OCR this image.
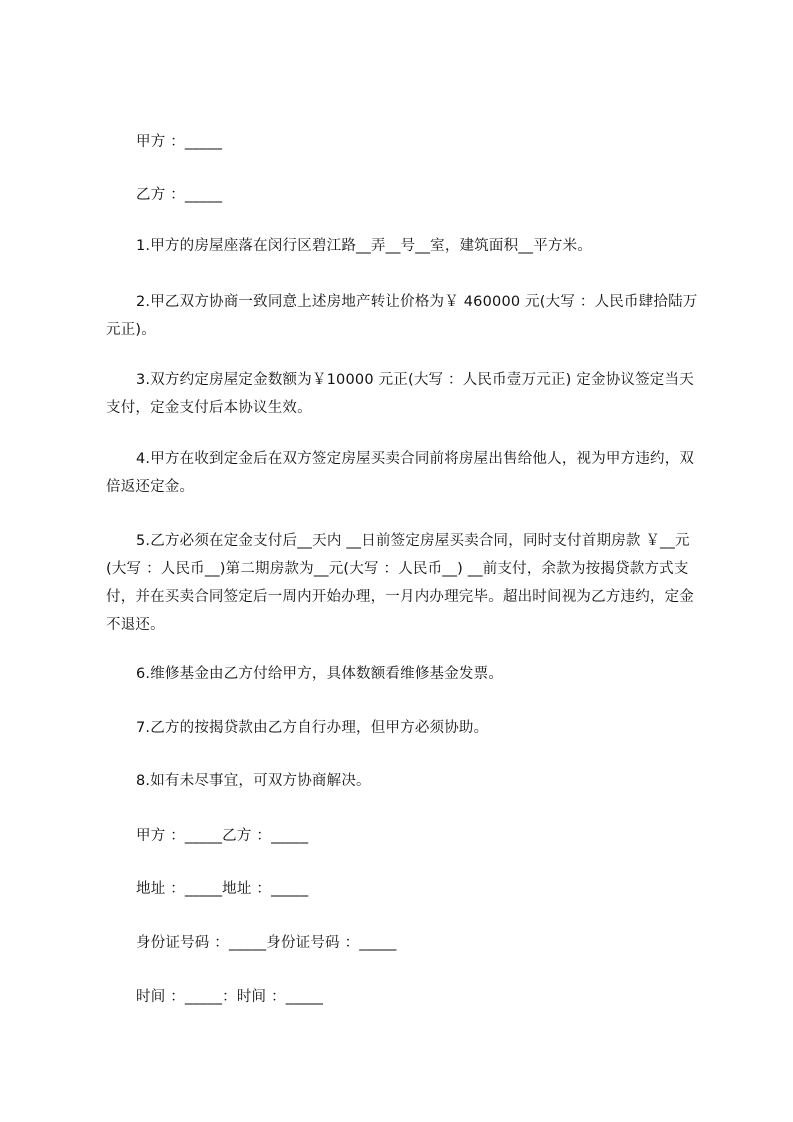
甲方 ：_____
乙方 ：_____
1.甲方的房屋座落在闵行区碧江路__弄__号__室，建筑面积__平方米。
2.甲乙双方协商一致同意上述房地产转让价格为￥ 460000 元(大写 ：人民币肆拾陆万元正)。
3.双方约定房屋定金数额为￥10000 元正(大写 ：人民币壹万元正) 定金协议签定当天支付，定金支付后本协议生效。
4.甲方在收到定金后在双方签定房屋买卖合同前将房屋出售给他人，视为甲方违约，双倍返还定金。
5.乙方必须在定金支付后__天内 __日前签定房屋买卖合同，同时支付首期房款 ￥__元(大写 ：人民币__)第二期房款为__元(大写 ：人民币__) __前支付，余款为按揭贷款方式支付，并在买卖合同签定后一周内开始办理，一月内办理完毕。超出时间视为乙方违约，定金不退还。
6.维修基金由乙方付给甲方，具体数额看维修基金发票。
7.乙方的按揭贷款由乙方自行办理，但甲方必须协助。
8.如有未尽事宜，可双方协商解决。
甲方 ：_____乙方 ：_____
地址 ：_____地址 ：_____
身份证号码 ：_____身份证号码 ：_____
时间 ：_____：时间 ：_____
